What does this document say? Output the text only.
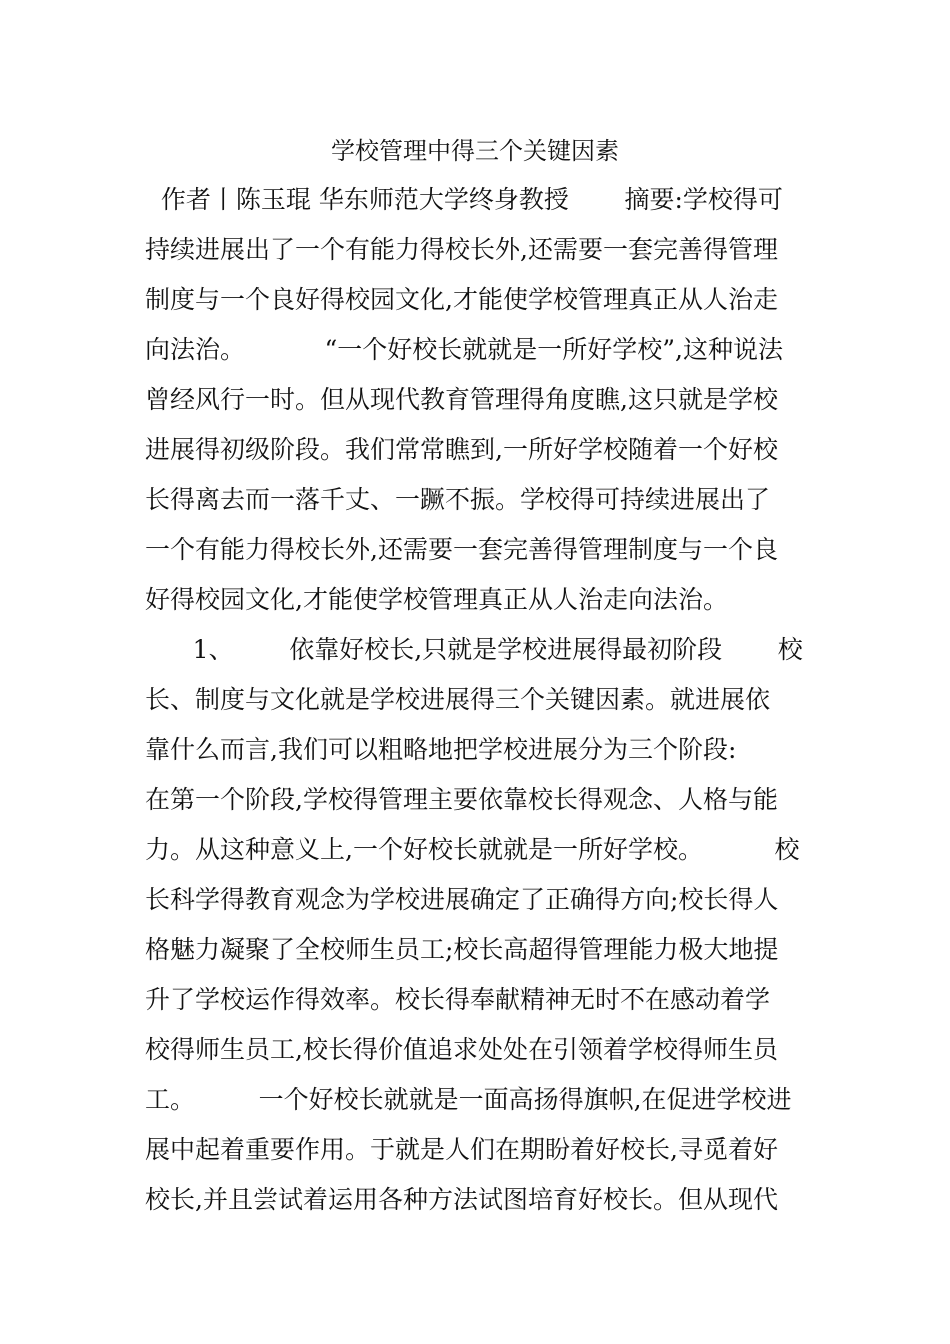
学校管理中得三个关键因素

作者丨陈玉琨 华东师范大学终身教授       摘要:学校得可

持续进展出了一个有能力得校长外,还需要一套完善得管理

制度与一个良好得校园文化,才能使学校管理真正从人治走

向法治。          “一个好校长就就是一所好学校”,这种说法

曾经风行一时。但从现代教育管理得角度瞧,这只就是学校

进展得初级阶段。我们常常瞧到,一所好学校随着一个好校

长得离去而一落千丈、一蹶不振。学校得可持续进展出了

一个有能力得校长外,还需要一套完善得管理制度与一个良

好得校园文化,才能使学校管理真正从人治走向法治。

1、       依靠好校长,只就是学校进展得最初阶段       校

长、制度与文化就是学校进展得三个关键因素。就进展依

靠什么而言,我们可以粗略地把学校进展分为三个阶段:

在第一个阶段,学校得管理主要依靠校长得观念、人格与能

力。从这种意义上,一个好校长就就是一所好学校。         校

长科学得教育观念为学校进展确定了正确得方向;校长得人

格魅力凝聚了全校师生员工;校长高超得管理能力极大地提

升了学校运作得效率。校长得奉献精神无时不在感动着学

校得师生员工,校长得价值追求处处在引领着学校得师生员

工。        一个好校长就就是一面高扬得旗帜,在促进学校进

展中起着重要作用。于就是人们在期盼着好校长,寻觅着好

校长,并且尝试着运用各种方法试图培育好校长。但从现代
